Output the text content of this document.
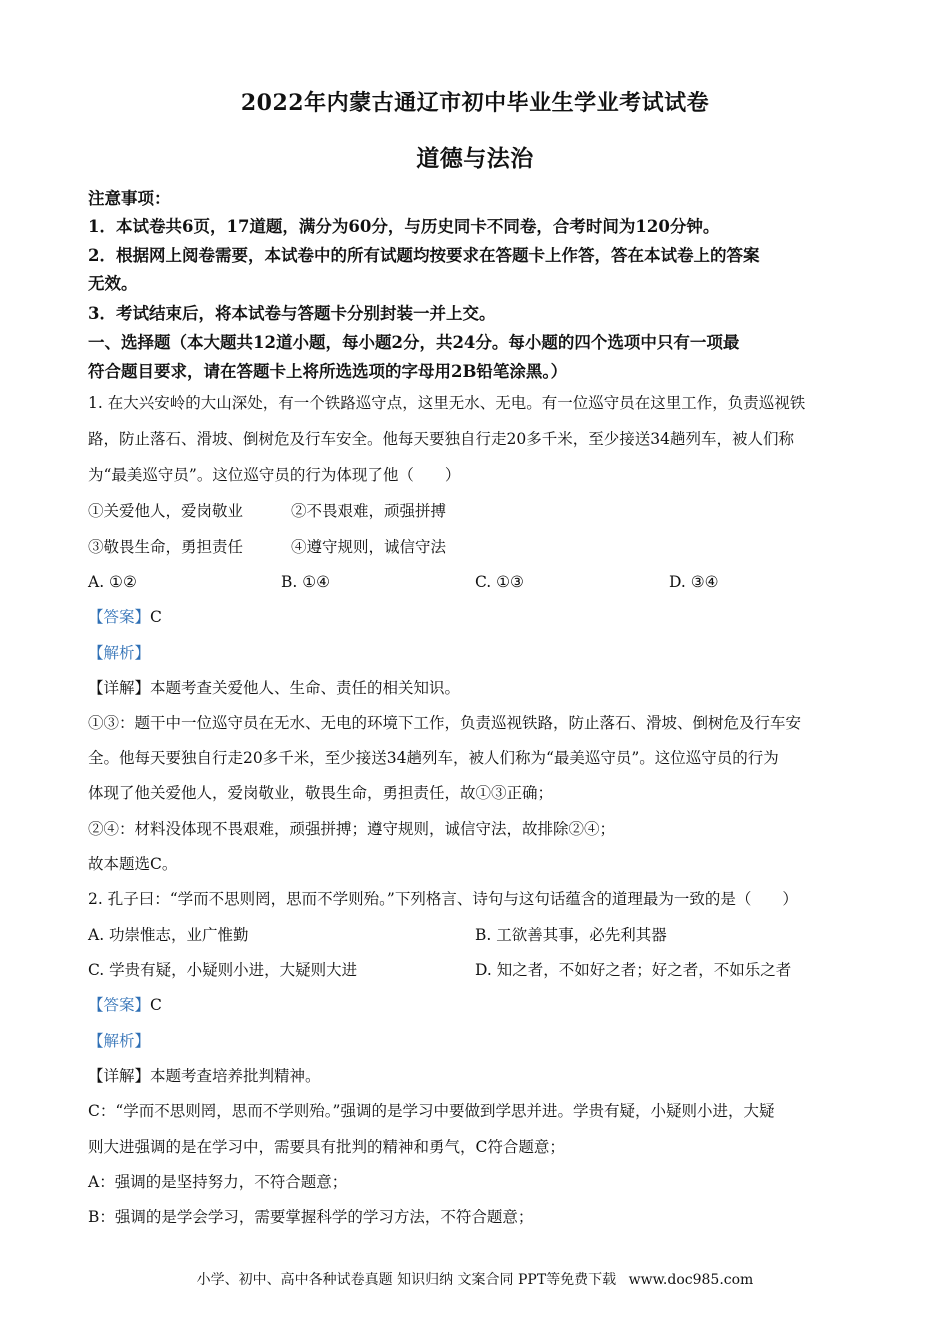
2022年内蒙古通辽市初中毕业生学业考试试卷
道德与法治
注意事项：
1．本试卷共6页，17道题，满分为60分，与历史同卡不同卷，合考时间为120分钟。
2．根据网上阅卷需要，本试卷中的所有试题均按要求在答题卡上作答，答在本试卷上的答案
无效。
3．考试结束后，将本试卷与答题卡分别封装一并上交。
一、选择题（本大题共12道小题，每小题2分，共24分。每小题的四个选项中只有一项最
符合题目要求，请在答题卡上将所选选项的字母用2B铅笔涂黑。）
1. 在大兴安岭的大山深处，有一个铁路巡守点，这里无水、无电。有一位巡守员在这里工作，负责巡视铁
路，防止落石、滑坡、倒树危及行车安全。他每天要独自行走20多千米，至少接送34趟列车，被人们称
为“最美巡守员”。这位巡守员的行为体现了他（　　）
①关爱他人，爱岗敬业	②不畏艰难，顽强拼搏
③敬畏生命，勇担责任	④遵守规则，诚信守法
A. ①②	B. ①④	C. ①③	D. ③④
【答案】C
【解析】
【详解】本题考查关爱他人、生命、责任的相关知识。
①③：题干中一位巡守员在无水、无电的环境下工作，负责巡视铁路，防止落石、滑坡、倒树危及行车安
全。他每天要独自行走20多千米，至少接送34趟列车，被人们称为“最美巡守员”。这位巡守员的行为
体现了他关爱他人，爱岗敬业，敬畏生命，勇担责任，故①③正确；
②④：材料没体现不畏艰难，顽强拼搏；遵守规则，诚信守法，故排除②④；
故本题选C。
2. 孔子曰：“学而不思则罔，思而不学则殆。”下列格言、诗句与这句话蕴含的道理最为一致的是（　　）
A. 功崇惟志，业广惟勤	B. 工欲善其事，必先利其器
C. 学贵有疑，小疑则小进，大疑则大进	D. 知之者，不如好之者；好之者，不如乐之者
【答案】C
【解析】
【详解】本题考查培养批判精神。
C：“学而不思则罔，思而不学则殆。”强调的是学习中要做到学思并进。学贵有疑，小疑则小进，大疑
则大进强调的是在学习中，需要具有批判的精神和勇气，C符合题意；
A：强调的是坚持努力，不符合题意；
B：强调的是学会学习，需要掌握科学的学习方法，不符合题意；
小学、初中、高中各种试卷真题 知识归纳 文案合同 PPT等免费下载 www.doc985.com
